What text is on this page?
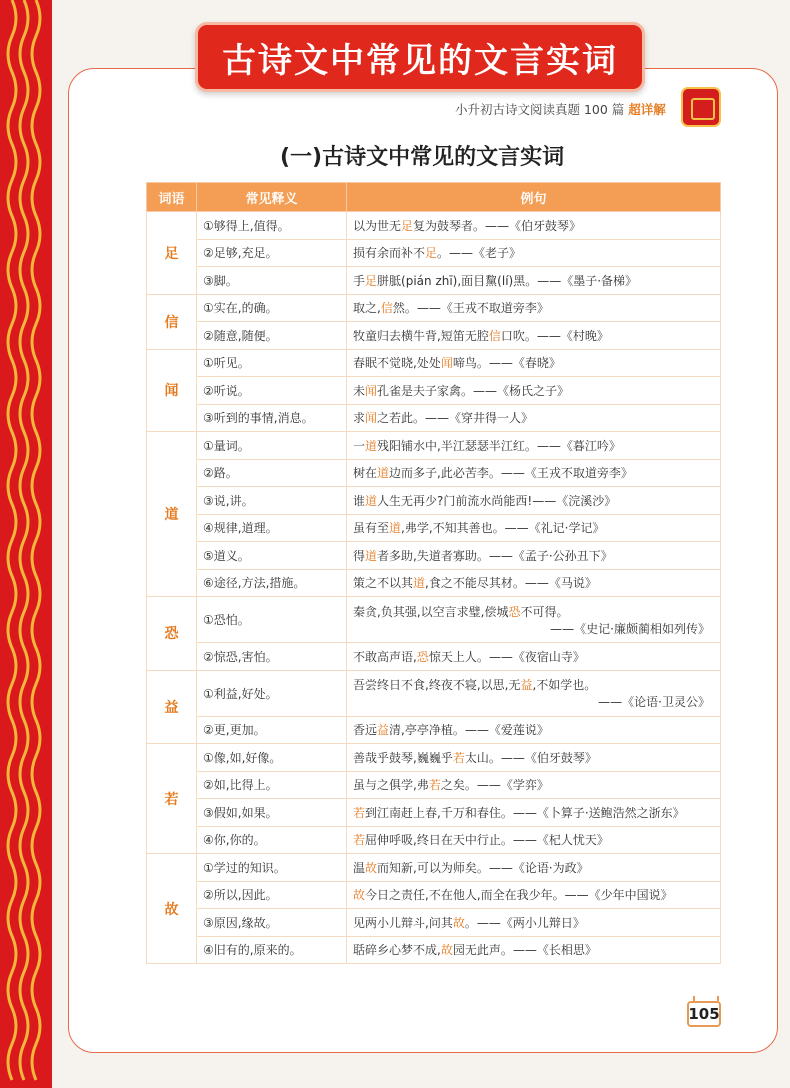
古诗文中常见的文言实词
小升初古诗文阅读真题 100 篇 超详解
(一)古诗文中常见的文言实词
词语	常见释义	例句
足	①够得上,值得。	以为世无足复为鼓琴者。——《伯牙鼓琴》

	②足够,充足。	损有余而补不足。——《老子》

	③脚。	手足胼胝(pián zhī),面目黧(lí)黑。——《墨子·备梯》

信	①实在,的确。	取之,信然。——《王戎不取道旁李》

	②随意,随便。	牧童归去横牛背,短笛无腔信口吹。——《村晚》

闻	①听见。	春眠不觉晓,处处闻啼鸟。——《春晓》

	②听说。	未闻孔雀是夫子家禽。——《杨氏之子》

	③听到的事情,消息。	求闻之若此。——《穿井得一人》

道	①量词。	一道残阳铺水中,半江瑟瑟半江红。——《暮江吟》

	②路。	树在道边而多子,此必苦李。——《王戎不取道旁李》

	③说,讲。	谁道人生无再少?门前流水尚能西!——《浣溪沙》

	④规律,道理。	虽有至道,弗学,不知其善也。——《礼记·学记》

	⑤道义。	得道者多助,失道者寡助。——《孟子·公孙丑下》

	⑥途径,方法,措施。	策之不以其道,食之不能尽其材。——《马说》

恐	①恐怕。	秦贪,负其强,以空言求璧,偿城恐不可得。
——《史记·廉颇蔺相如列传》

	②惊恐,害怕。	不敢高声语,恐惊天上人。——《夜宿山寺》

益	①利益,好处。	吾尝终日不食,终夜不寝,以思,无益,不如学也。
——《论语·卫灵公》

	②更,更加。	香远益清,亭亭净植。——《爱莲说》

若	①像,如,好像。	善哉乎鼓琴,巍巍乎若太山。——《伯牙鼓琴》

	②如,比得上。	虽与之俱学,弗若之矣。——《学弈》

	③假如,如果。	若到江南赶上春,千万和春住。——《卜算子·送鲍浩然之浙东》

	④你,你的。	若屈伸呼吸,终日在天中行止。——《杞人忧天》

故	①学过的知识。	温故而知新,可以为师矣。——《论语·为政》

	②所以,因此。	故今日之责任,不在他人,而全在我少年。——《少年中国说》

	③原因,缘故。	见两小儿辩斗,问其故。——《两小儿辩日》

	④旧有的,原来的。	聒碎乡心梦不成,故园无此声。——《长相思》
105
